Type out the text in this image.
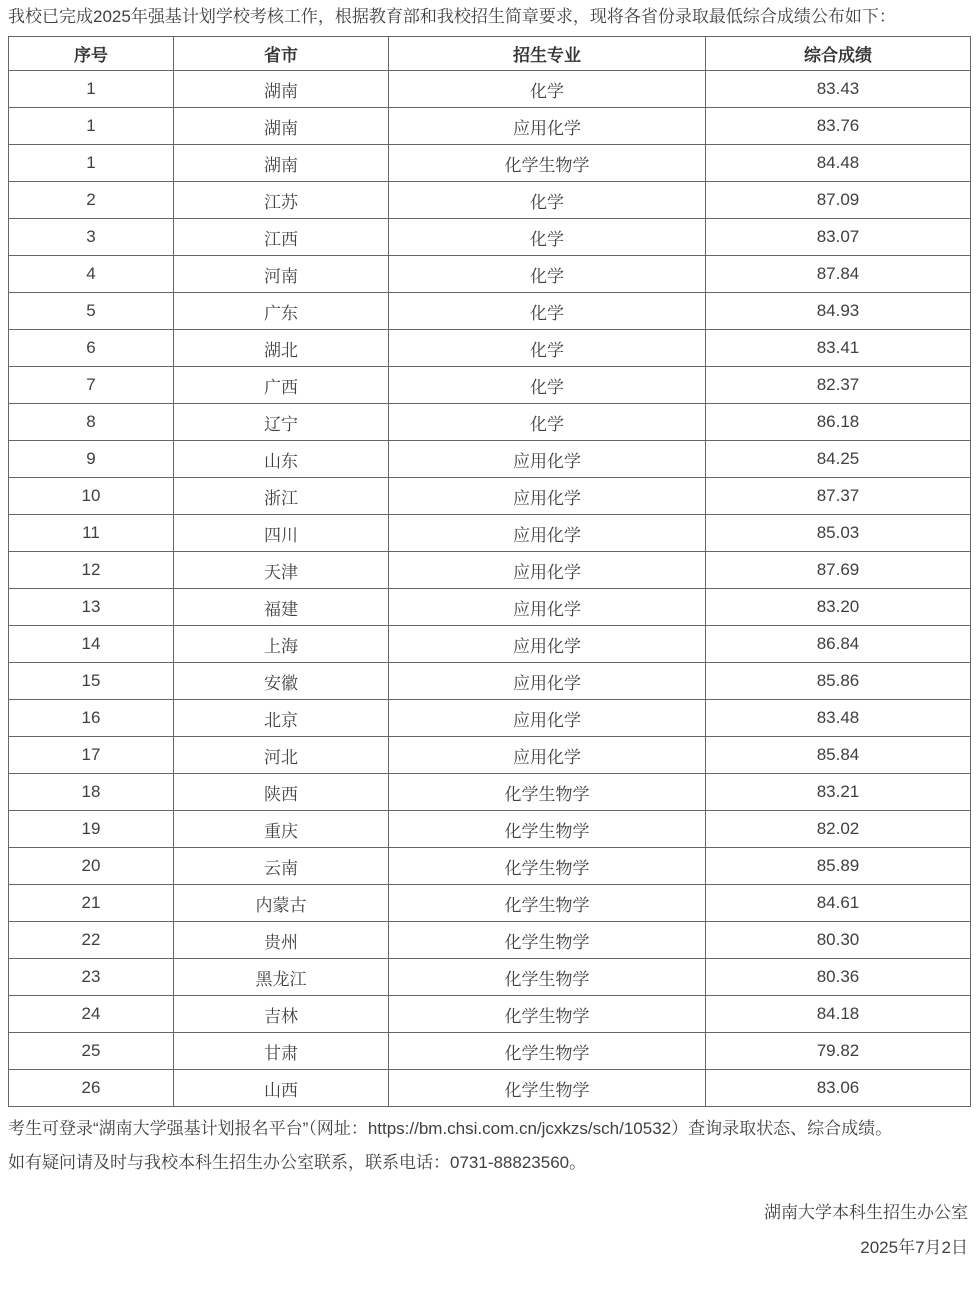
我校已完成2025年强基计划学校考核工作，根据教育部和我校招生简章要求，现将各省份录取最低综合成绩公布如下：

序号	省市	招生专业	综合成绩
1	湖南	化学	83.43
1	湖南	应用化学	83.76
1	湖南	化学生物学	84.48
2	江苏	化学	87.09
3	江西	化学	83.07
4	河南	化学	87.84
5	广东	化学	84.93
6	湖北	化学	83.41
7	广西	化学	82.37
8	辽宁	化学	86.18
9	山东	应用化学	84.25
10	浙江	应用化学	87.37
11	四川	应用化学	85.03
12	天津	应用化学	87.69
13	福建	应用化学	83.20
14	上海	应用化学	86.84
15	安徽	应用化学	85.86
16	北京	应用化学	83.48
17	河北	应用化学	85.84
18	陕西	化学生物学	83.21
19	重庆	化学生物学	82.02
20	云南	化学生物学	85.89
21	内蒙古	化学生物学	84.61
22	贵州	化学生物学	80.30
23	黑龙江	化学生物学	80.36
24	吉林	化学生物学	84.18
25	甘肃	化学生物学	79.82
26	山西	化学生物学	83.06

考生可登录“湖南大学强基计划报名平台”（网址：https://bm.chsi.com.cn/jcxkzs/sch/10532）查询录取状态、综合成绩。

如有疑问请及时与我校本科生招生办公室联系，联系电话：0731-88823560。

湖南大学本科生招生办公室

2025年7月2日
